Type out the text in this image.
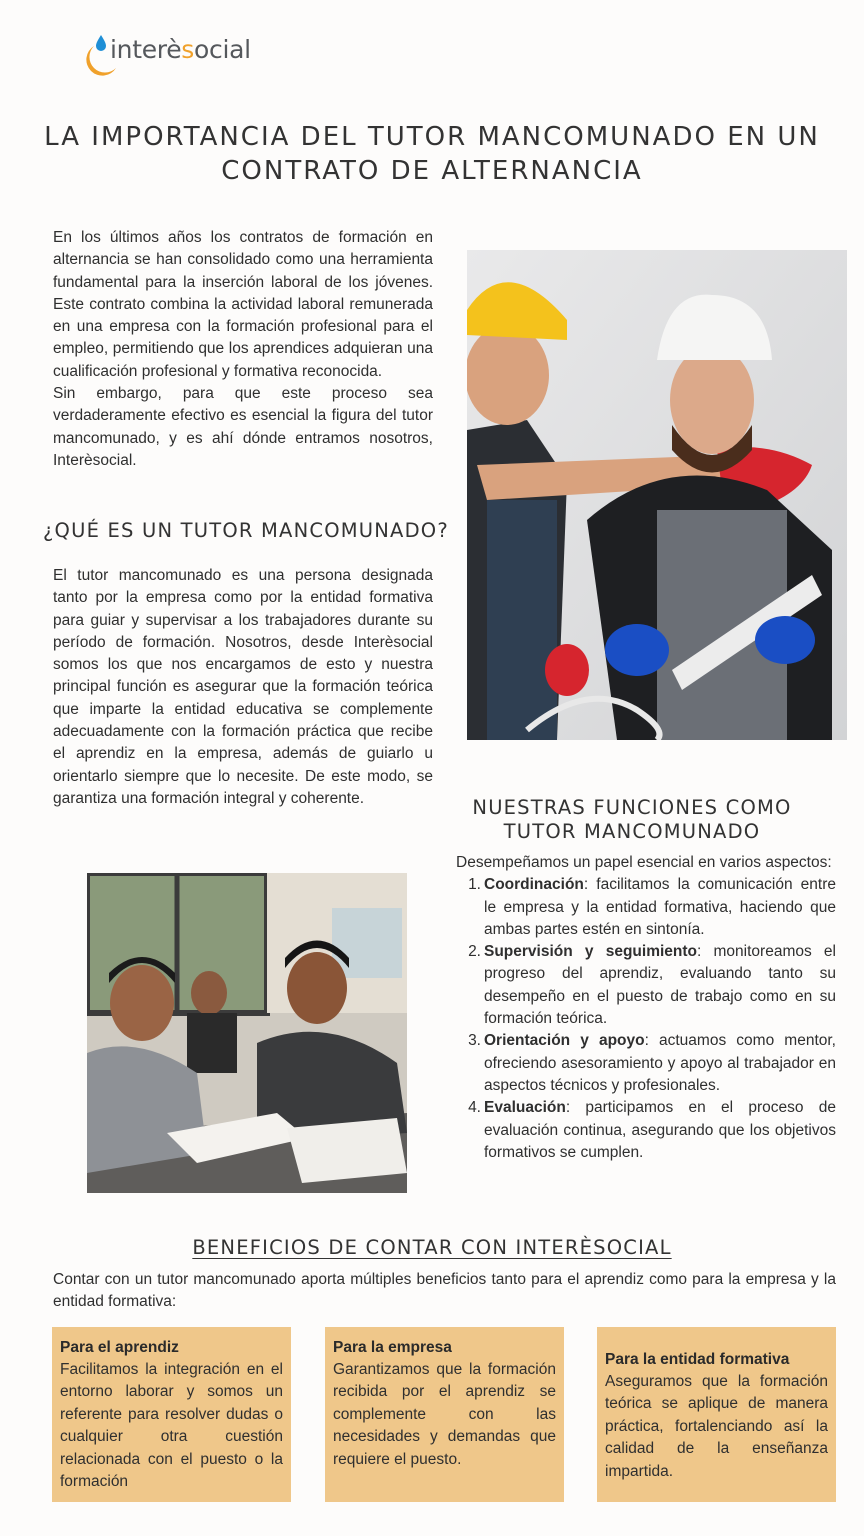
interèsocial
LA IMPORTANCIA DEL TUTOR MANCOMUNADO EN UN CONTRATO DE ALTERNANCIA

En los últimos años los contratos de formación en alternancia se han consolidado como una herramienta fundamental para la inserción laboral de los jóvenes. Este contrato combina la actividad laboral remunerada en una empresa con la formación profesional para el empleo, permitiendo que los aprendices adquieran una cualificación profesional y formativa reconocida.

Sin embargo, para que este proceso sea verdaderamente efectivo es esencial la figura del tutor mancomunado, y es ahí dónde entramos nosotros, Interèsocial.

¿QUÉ ES UN TUTOR MANCOMUNADO?

El tutor mancomunado es una persona designada tanto por la empresa como por la entidad formativa para guiar y supervisar a los trabajadores durante su período de formación. Nosotros, desde Interèsocial somos los que nos encargamos de esto y nuestra principal función es asegurar que la formación teórica que imparte la entidad educativa se complemente adecuadamente con la formación práctica que recibe el aprendiz en la empresa, además de guiarlo u orientarlo siempre que lo necesite. De este modo, se garantiza una formación integral y coherente.	NUESTRAS FUNCIONES COMO TUTOR MANCOMUNADO

Desempeñamos un papel esencial en varios aspectos:

1. Coordinación: facilitamos la comunicación entre le empresa y la entidad formativa, haciendo que ambas partes estén en sintonía.
2. Supervisión y seguimiento: monitoreamos el progreso del aprendiz, evaluando tanto su desempeño en el puesto de trabajo como en su formación teórica.
3. Orientación y apoyo: actuamos como mentor, ofreciendo asesoramiento y apoyo al trabajador en aspectos técnicos y profesionales.
4. Evaluación: participamos en el proceso de evaluación continua, asegurando que los objetivos formativos se cumplen.
BENEFICIOS DE CONTAR CON INTERÈSOCIAL

Contar con un tutor mancomunado aporta múltiples beneficios tanto para el aprendiz como para la empresa y la entidad formativa:

Para el aprendiz
Facilitamos la integración en el entorno laborar y somos un referente para resolver dudas o cualquier otra cuestión relacionada con el puesto o la formación
Para la empresa
Garantizamos que la formación recibida por el aprendiz se complemente con las necesidades y demandas que requiere el puesto.
Para la entidad formativa
Aseguramos que la formación teórica se aplique de manera práctica, fortalenciando así la calidad de la enseñanza impartida.
